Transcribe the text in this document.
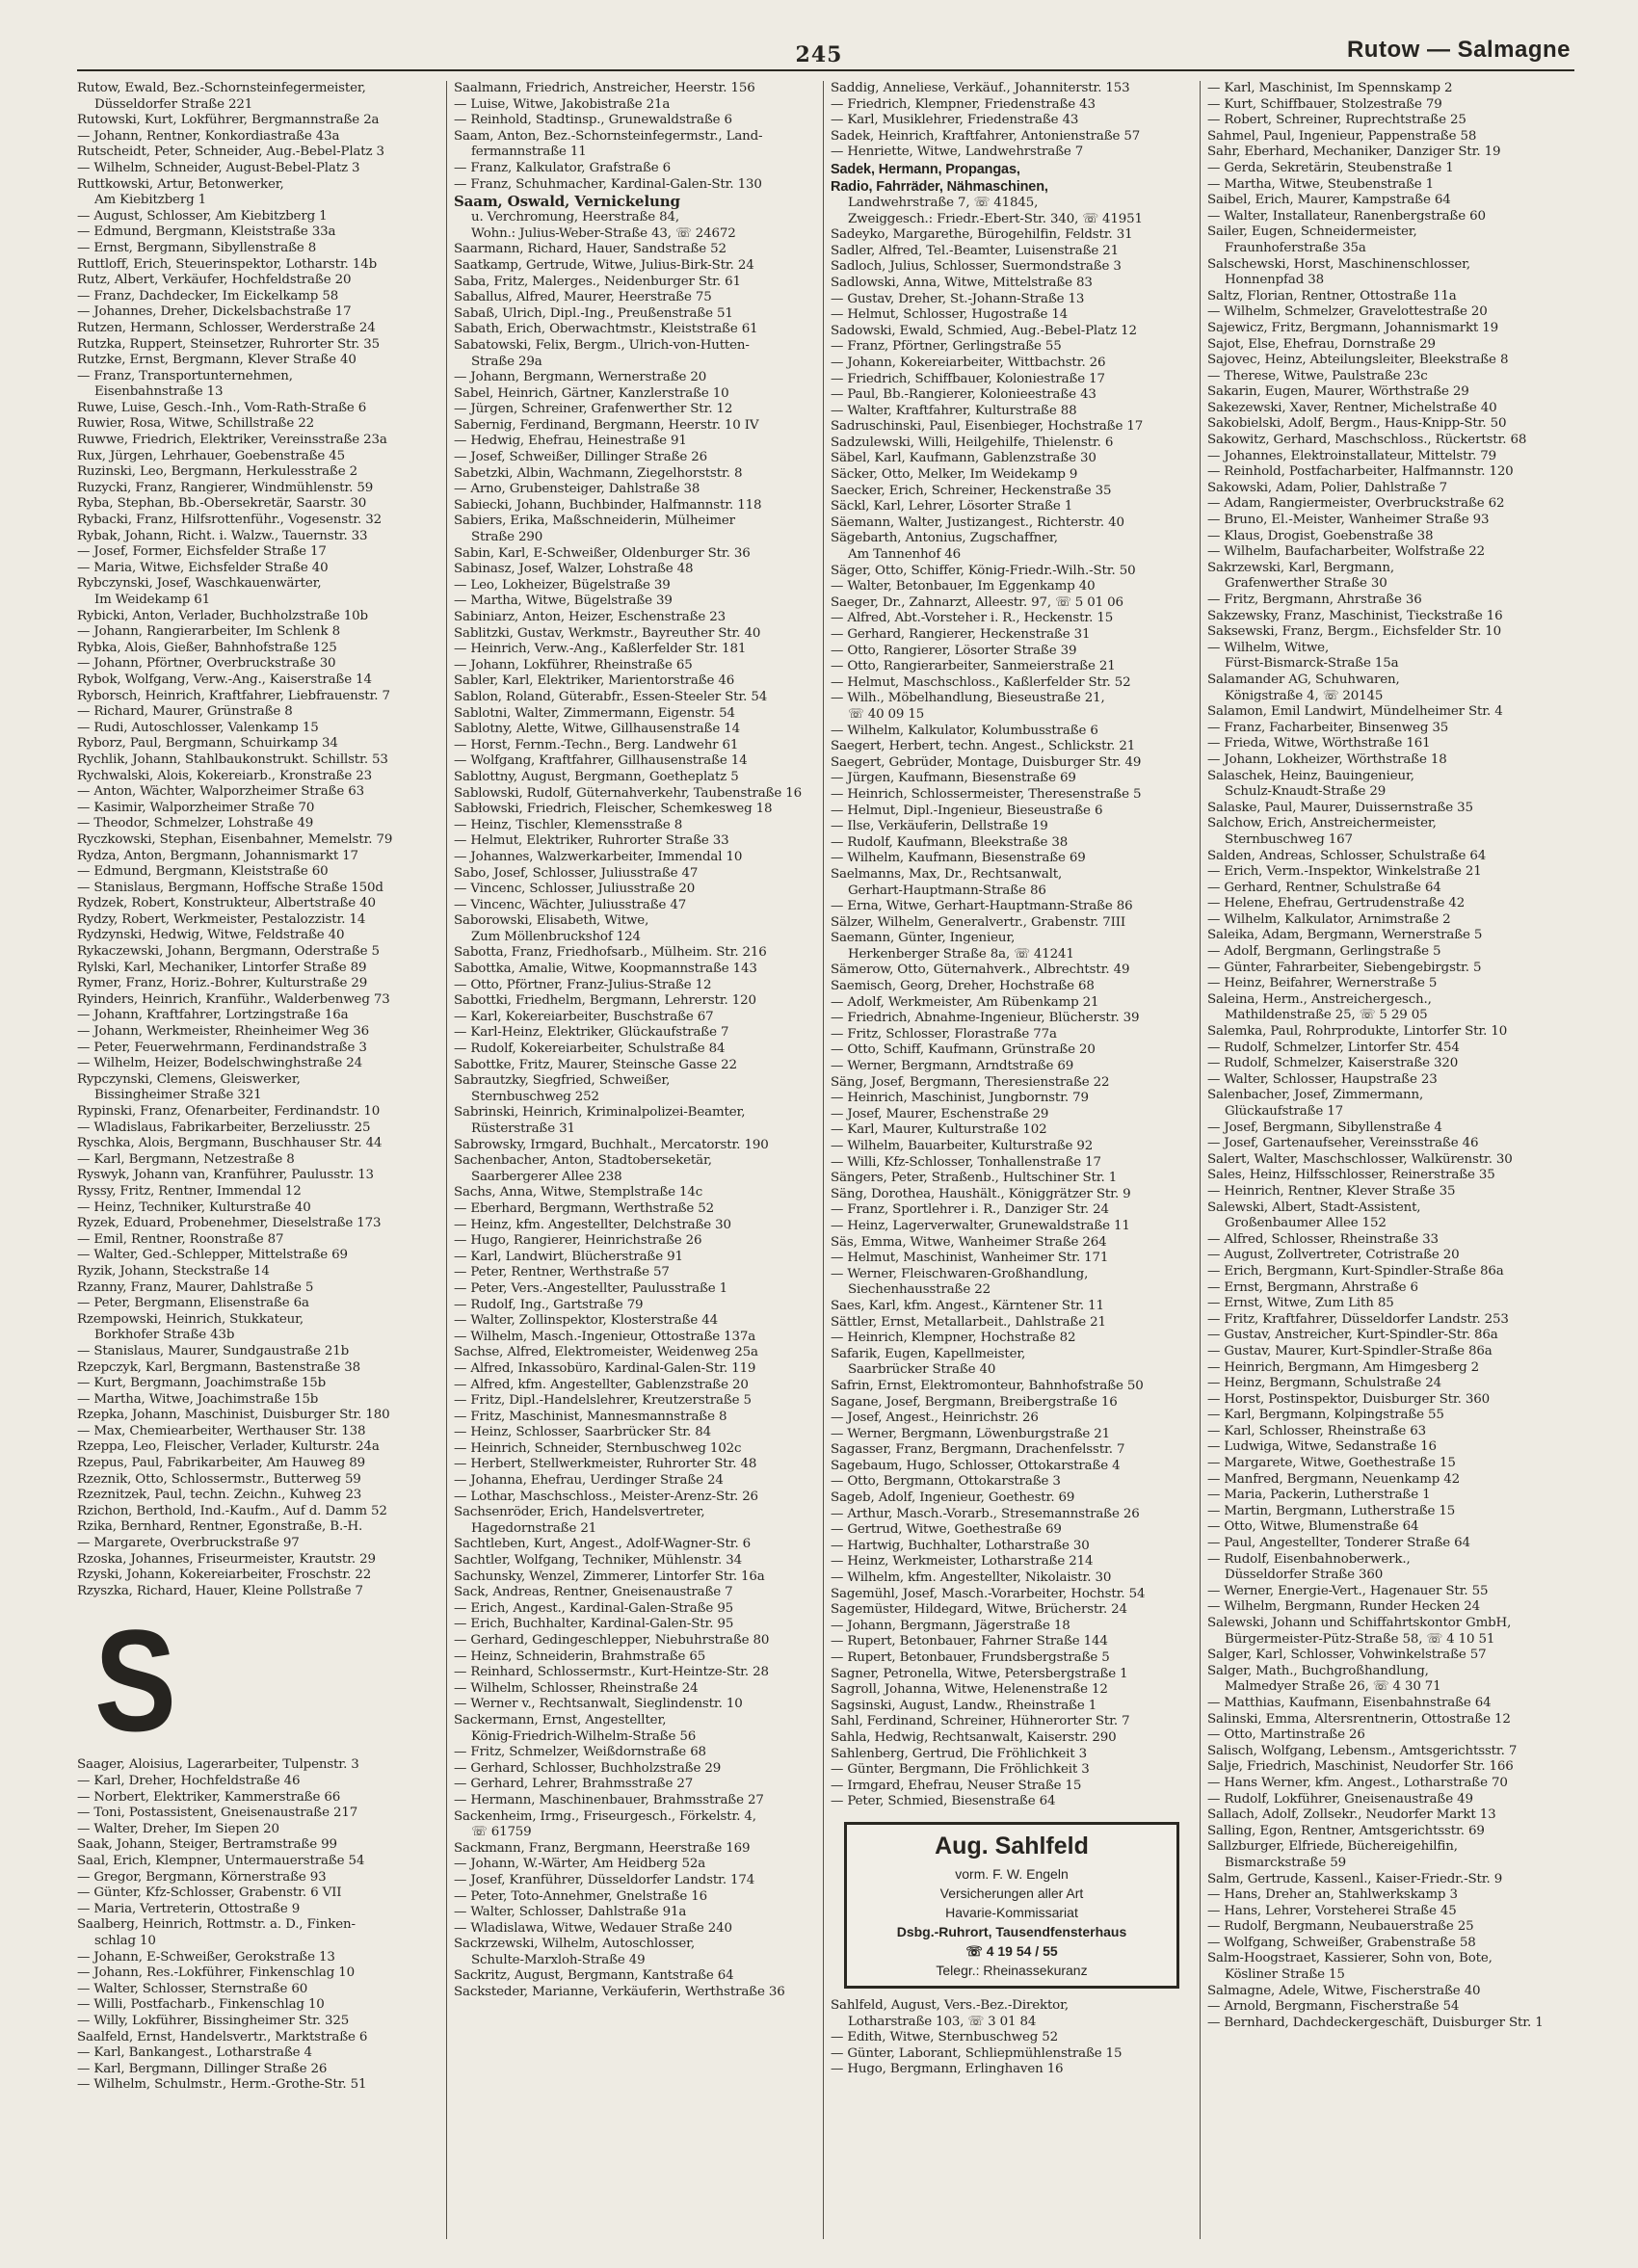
245	Rutow — Salmagne
Rutow, Ewald, Bez.-Schornsteinfegermeister,
Düsseldorfer Straße 221
Rutowski, Kurt, Lokführer, Bergmannstraße 2a
— Johann, Rentner, Konkordiastraße 43a
Rutscheidt, Peter, Schneider, Aug.-Bebel-Platz 3
— Wilhelm, Schneider, August-Bebel-Platz 3
Ruttkowski, Artur, Betonwerker,
Am Kiebitzberg 1
— August, Schlosser, Am Kiebitzberg 1
— Edmund, Bergmann, Kleiststraße 33a
— Ernst, Bergmann, Sibyllenstraße 8
Ruttloff, Erich, Steuerinspektor, Lotharstr. 14b
Rutz, Albert, Verkäufer, Hochfeldstraße 20
— Franz, Dachdecker, Im Eickelkamp 58
— Johannes, Dreher, Dickelsbachstraße 17
Rutzen, Hermann, Schlosser, Werderstraße 24
Rutzka, Ruppert, Steinsetzer, Ruhrorter Str. 35
Rutzke, Ernst, Bergmann, Klever Straße 40
— Franz, Transportunternehmen,
Eisenbahnstraße 13
Ruwe, Luise, Gesch.-Inh., Vom-Rath-Straße 6
Ruwier, Rosa, Witwe, Schillstraße 22
Ruwwe, Friedrich, Elektriker, Vereinsstraße 23a
Rux, Jürgen, Lehrhauer, Goebenstraße 45
Ruzinski, Leo, Bergmann, Herkulesstraße 2
Ruzycki, Franz, Rangierer, Windmühlenstr. 59
Ryba, Stephan, Bb.-Obersekretär, Saarstr. 30
Rybacki, Franz, Hilfsrottenführ., Vogesenstr. 32
Rybak, Johann, Richt. i. Walzw., Tauernstr. 33
— Josef, Former, Eichsfelder Straße 17
— Maria, Witwe, Eichsfelder Straße 40
Rybczynski, Josef, Waschkauenwärter,
Im Weidekamp 61
Rybicki, Anton, Verlader, Buchholzstraße 10b
— Johann, Rangierarbeiter, Im Schlenk 8
Rybka, Alois, Gießer, Bahnhofstraße 125
— Johann, Pförtner, Overbruckstraße 30
Rybok, Wolfgang, Verw.-Ang., Kaiserstraße 14
Ryborsch, Heinrich, Kraftfahrer, Liebfrauenstr. 7
— Richard, Maurer, Grünstraße 8
— Rudi, Autoschlosser, Valenkamp 15
Ryborz, Paul, Bergmann, Schuirkamp 34
Rychlik, Johann, Stahlbaukonstrukt. Schillstr. 53
Rychwalski, Alois, Kokereiarb., Kronstraße 23
— Anton, Wächter, Walporzheimer Straße 63
— Kasimir, Walporzheimer Straße 70
— Theodor, Schmelzer, Lohstraße 49
Ryczkowski, Stephan, Eisenbahner, Memelstr. 79
Rydza, Anton, Bergmann, Johannismarkt 17
— Edmund, Bergmann, Kleiststraße 60
— Stanislaus, Bergmann, Hoffsche Straße 150d
Rydzek, Robert, Konstrukteur, Albertstraße 40
Rydzy, Robert, Werkmeister, Pestalozzistr. 14
Rydzynski, Hedwig, Witwe, Feldstraße 40
Rykaczewski, Johann, Bergmann, Oderstraße 5
Rylski, Karl, Mechaniker, Lintorfer Straße 89
Rymer, Franz, Horiz.-Bohrer, Kulturstraße 29
Ryinders, Heinrich, Kranführ., Walderbenweg 73
— Johann, Kraftfahrer, Lortzingstraße 16a
— Johann, Werkmeister, Rheinheimer Weg 36
— Peter, Feuerwehrmann, Ferdinandstraße 3
— Wilhelm, Heizer, Bodelschwinghstraße 24
Rypczynski, Clemens, Gleiswerker,
Bissingheimer Straße 321
Rypinski, Franz, Ofenarbeiter, Ferdinandstr. 10
— Wladislaus, Fabrikarbeiter, Berzeliusstr. 25
Ryschka, Alois, Bergmann, Buschhauser Str. 44
— Karl, Bergmann, Netzestraße 8
Ryswyk, Johann van, Kranführer, Paulusstr. 13
Ryssy, Fritz, Rentner, Immendal 12
— Heinz, Techniker, Kulturstraße 40
Ryzek, Eduard, Probenehmer, Dieselstraße 173
— Emil, Rentner, Roonstraße 87
— Walter, Ged.-Schlepper, Mittelstraße 69
Ryzik, Johann, Steckstraße 14
Rzanny, Franz, Maurer, Dahlstraße 5
— Peter, Bergmann, Elisenstraße 6a
Rzempowski, Heinrich, Stukkateur,
Borkhofer Straße 43b
— Stanislaus, Maurer, Sundgaustraße 21b
Rzepczyk, Karl, Bergmann, Bastenstraße 38
— Kurt, Bergmann, Joachimstraße 15b
— Martha, Witwe, Joachimstraße 15b
Rzepka, Johann, Maschinist, Duisburger Str. 180
— Max, Chemiearbeiter, Werthauser Str. 138
Rzeppa, Leo, Fleischer, Verlader, Kulturstr. 24a
Rzepus, Paul, Fabrikarbeiter, Am Hauweg 89
Rzeznik, Otto, Schlossermstr., Butterweg 59
Rzeznitzek, Paul, techn. Zeichn., Kuhweg 23
Rzichon, Berthold, Ind.-Kaufm., Auf d. Damm 52
Rzika, Bernhard, Rentner, Egonstraße, B.-H.
— Margarete, Overbruckstraße 97
Rzoska, Johannes, Friseurmeister, Krautstr. 29
Rzyski, Johann, Kokereiarbeiter, Froschstr. 22
Rzyszka, Richard, Hauer, Kleine Pollstraße 7
S
Saager, Aloisius, Lagerarbeiter, Tulpenstr. 3
— Karl, Dreher, Hochfeldstraße 46
— Norbert, Elektriker, Kammerstraße 66
— Toni, Postassistent, Gneisenaustraße 217
— Walter, Dreher, Im Siepen 20
Saak, Johann, Steiger, Bertramstraße 99
Saal, Erich, Klempner, Untermauerstraße 54
— Gregor, Bergmann, Körnerstraße 93
— Günter, Kfz-Schlosser, Grabenstr. 6 VII
— Maria, Vertreterin, Ottostraße 9
Saalberg, Heinrich, Rottmstr. a. D., Finken-
schlag 10
— Johann, E-Schweißer, Gerokstraße 13
— Johann, Res.-Lokführer, Finkenschlag 10
— Walter, Schlosser, Sternstraße 60
— Willi, Postfacharb., Finkenschlag 10
— Willy, Lokführer, Bissingheimer Str. 325
Saalfeld, Ernst, Handelsvertr., Marktstraße 6
— Karl, Bankangest., Lotharstraße 4
— Karl, Bergmann, Dillinger Straße 26
— Wilhelm, Schulmstr., Herm.-Grothe-Str. 51
Saalmann, Friedrich, Anstreicher, Heerstr. 156
— Luise, Witwe, Jakobistraße 21a
— Reinhold, Stadtinsp., Grunewaldstraße 6
Saam, Anton, Bez.-Schornsteinfegermstr., Land-
fermannstraße 11
— Franz, Kalkulator, Grafstraße 6
— Franz, Schuhmacher, Kardinal-Galen-Str. 130
Saam, Oswald, Vernickelung
u. Verchromung, Heerstraße 84,
Wohn.: Julius-Weber-Straße 43, ☏ 24672
Saarmann, Richard, Hauer, Sandstraße 52
Saatkamp, Gertrude, Witwe, Julius-Birk-Str. 24
Saba, Fritz, Malerges., Neidenburger Str. 61
Saballus, Alfred, Maurer, Heerstraße 75
Sabaß, Ulrich, Dipl.-Ing., Preußenstraße 51
Sabath, Erich, Oberwachtmstr., Kleiststraße 61
Sabatowski, Felix, Bergm., Ulrich-von-Hutten-
Straße 29a
— Johann, Bergmann, Wernerstraße 20
Sabel, Heinrich, Gärtner, Kanzlerstraße 10
— Jürgen, Schreiner, Grafenwerther Str. 12
Sabernig, Ferdinand, Bergmann, Heerstr. 10 IV
— Hedwig, Ehefrau, Heinestraße 91
— Josef, Schweißer, Dillinger Straße 26
Sabetzki, Albin, Wachmann, Ziegelhorststr. 8
— Arno, Grubensteiger, Dahlstraße 38
Sabiecki, Johann, Buchbinder, Halfmannstr. 118
Sabiers, Erika, Maßschneiderin, Mülheimer
Straße 290
Sabin, Karl, E-Schweißer, Oldenburger Str. 36
Sabinasz, Josef, Walzer, Lohstraße 48
— Leo, Lokheizer, Bügelstraße 39
— Martha, Witwe, Bügelstraße 39
Sabiniarz, Anton, Heizer, Eschenstraße 23
Sablitzki, Gustav, Werkmstr., Bayreuther Str. 40
— Heinrich, Verw.-Ang., Kaßlerfelder Str. 181
— Johann, Lokführer, Rheinstraße 65
Sabler, Karl, Elektriker, Marientorstraße 46
Sablon, Roland, Güterabfr., Essen-Steeler Str. 54
Sablotni, Walter, Zimmermann, Eigenstr. 54
Sablotny, Alette, Witwe, Gillhausenstraße 14
— Horst, Fernm.-Techn., Berg. Landwehr 61
— Wolfgang, Kraftfahrer, Gillhausenstraße 14
Sablottny, August, Bergmann, Goetheplatz 5
Sablowski, Rudolf, Güternahverkehr, Taubenstraße 16
Sabłowski, Friedrich, Fleischer, Schemkesweg 18
— Heinz, Tischler, Klemensstraße 8
— Helmut, Elektriker, Ruhrorter Straße 33
— Johannes, Walzwerkarbeiter, Immendal 10
Sabo, Josef, Schlosser, Juliusstraße 47
— Vincenc, Schlosser, Juliusstraße 20
— Vincenc, Wächter, Juliusstraße 47
Saborowski, Elisabeth, Witwe,
Zum Möllenbruckshof 124
Sabotta, Franz, Friedhofsarb., Mülheim. Str. 216
Sabottka, Amalie, Witwe, Koopmannstraße 143
— Otto, Pförtner, Franz-Julius-Straße 12
Sabottki, Friedhelm, Bergmann, Lehrerstr. 120
— Karl, Kokereiarbeiter, Buschstraße 67
— Karl-Heinz, Elektriker, Glückaufstraße 7
— Rudolf, Kokereiarbeiter, Schulstraße 84
Sabottke, Fritz, Maurer, Steinsche Gasse 22
Sabrautzky, Siegfried, Schweißer,
Sternbuschweg 252
Sabrinski, Heinrich, Kriminalpolizei-Beamter,
Rüsterstraße 31
Sabrowsky, Irmgard, Buchhalt., Mercatorstr. 190
Sachenbacher, Anton, Stadtoberseketär,
Saarbergerer Allee 238
Sachs, Anna, Witwe, Stemplstraße 14c
— Eberhard, Bergmann, Werthstraße 52
— Heinz, kfm. Angestellter, Delchstraße 30
— Hugo, Rangierer, Heinrichstraße 26
— Karl, Landwirt, Blücherstraße 91
— Peter, Rentner, Werthstraße 57
— Peter, Vers.-Angestellter, Paulusstraße 1
— Rudolf, Ing., Gartstraße 79
— Walter, Zollinspektor, Klosterstraße 44
— Wilhelm, Masch.-Ingenieur, Ottostraße 137a
Sachse, Alfred, Elektromeister, Weidenweg 25a
— Alfred, Inkassobüro, Kardinal-Galen-Str. 119
— Alfred, kfm. Angestellter, Gablenzstraße 20
— Fritz, Dipl.-Handelslehrer, Kreutzerstraße 5
— Fritz, Maschinist, Mannesmannstraße 8
— Heinz, Schlosser, Saarbrücker Str. 84
— Heinrich, Schneider, Sternbuschweg 102c
— Herbert, Stellwerkmeister, Ruhrorter Str. 48
— Johanna, Ehefrau, Uerdinger Straße 24
— Lothar, Maschschloss., Meister-Arenz-Str. 26
Sachsenröder, Erich, Handelsvertreter,
Hagedornstraße 21
Sachtleben, Kurt, Angest., Adolf-Wagner-Str. 6
Sachtler, Wolfgang, Techniker, Mühlenstr. 34
Sachunsky, Wenzel, Zimmerer, Lintorfer Str. 16a
Sack, Andreas, Rentner, Gneisenaustraße 7
— Erich, Angest., Kardinal-Galen-Straße 95
— Erich, Buchhalter, Kardinal-Galen-Str. 95
— Gerhard, Gedingeschlepper, Niebuhrstraße 80
— Heinz, Schneiderin, Brahmstraße 65
— Reinhard, Schlossermstr., Kurt-Heintze-Str. 28
— Wilhelm, Schlosser, Rheinstraße 24
— Werner v., Rechtsanwalt, Sieglindenstr. 10
Sackermann, Ernst, Angestellter,
König-Friedrich-Wilhelm-Straße 56
— Fritz, Schmelzer, Weißdornstraße 68
— Gerhard, Schlosser, Buchholzstraße 29
— Gerhard, Lehrer, Brahmsstraße 27
— Hermann, Maschinenbauer, Brahmsstraße 27
Sackenheim, Irmg., Friseurgesch., Förkelstr. 4,
☏ 61759
Sackmann, Franz, Bergmann, Heerstraße 169
— Johann, W.-Wärter, Am Heidberg 52a
— Josef, Kranführer, Düsseldorfer Landstr. 174
— Peter, Toto-Annehmer, Gnelstraße 16
— Walter, Schlosser, Dahlstraße 91a
— Wladislawa, Witwe, Wedauer Straße 240
Sackrzewski, Wilhelm, Autoschlosser,
Schulte-Marxloh-Straße 49
Sackritz, August, Bergmann, Kantstraße 64
Sacksteder, Marianne, Verkäuferin, Werthstraße 36
Saddig, Anneliese, Verkäuf., Johanniterstr. 153
— Friedrich, Klempner, Friedenstraße 43
— Karl, Musiklehrer, Friedenstraße 43
Sadek, Heinrich, Kraftfahrer, Antonienstraße 57
— Henriette, Witwe, Landwehrstraße 7
Sadek, Hermann, Propangas,
Radio, Fahrräder, Nähmaschinen,
Landwehrstraße 7, ☏ 41845,
Zweiggesch.: Friedr.-Ebert-Str. 340, ☏ 41951
Sadeyko, Margarethe, Bürogehilfin, Feldstr. 31
Sadler, Alfred, Tel.-Beamter, Luisenstraße 21
Sadloch, Julius, Schlosser, Suermondstraße 3
Sadlowski, Anna, Witwe, Mittelstraße 83
— Gustav, Dreher, St.-Johann-Straße 13
— Helmut, Schlosser, Hugostraße 14
Sadowski, Ewald, Schmied, Aug.-Bebel-Platz 12
— Franz, Pförtner, Gerlingstraße 55
— Johann, Kokereiarbeiter, Wittbachstr. 26
— Friedrich, Schiffbauer, Koloniestraße 17
— Paul, Bb.-Rangierer, Kolonieestraße 43
— Walter, Kraftfahrer, Kulturstraße 88
Sadruschinski, Paul, Eisenbieger, Hochstraße 17
Sadzulewski, Willi, Heilgehilfe, Thielenstr. 6
Säbel, Karl, Kaufmann, Gablenzstraße 30
Säcker, Otto, Melker, Im Weidekamp 9
Saecker, Erich, Schreiner, Heckenstraße 35
Säckl, Karl, Lehrer, Lösorter Straße 1
Säemann, Walter, Justizangest., Richterstr. 40
Sägebarth, Antonius, Zugschaffner,
Am Tannenhof 46
Säger, Otto, Schiffer, König-Friedr.-Wilh.-Str. 50
— Walter, Betonbauer, Im Eggenkamp 40
Saeger, Dr., Zahnarzt, Alleestr. 97, ☏ 5 01 06
— Alfred, Abt.-Vorsteher i. R., Heckenstr. 15
— Gerhard, Rangierer, Heckenstraße 31
— Otto, Rangierer, Lösorter Straße 39
— Otto, Rangierarbeiter, Sanmeierstraße 21
— Helmut, Maschschloss., Kaßlerfelder Str. 52
— Wilh., Möbelhandlung, Bieseustraße 21,
☏ 40 09 15
— Wilhelm, Kalkulator, Kolumbusstraße 6
Saegert, Herbert, techn. Angest., Schlickstr. 21
Saegert, Gebrüder, Montage, Duisburger Str. 49
— Jürgen, Kaufmann, Biesenstraße 69
— Heinrich, Schlossermeister, Theresenstraße 5
— Helmut, Dipl.-Ingenieur, Bieseustraße 6
— Ilse, Verkäuferin, Dellstraße 19
— Rudolf, Kaufmann, Bleekstraße 38
— Wilhelm, Kaufmann, Biesenstraße 69
Saelmanns, Max, Dr., Rechtsanwalt,
Gerhart-Hauptmann-Straße 86
— Erna, Witwe, Gerhart-Hauptmann-Straße 86
Sälzer, Wilhelm, Generalvertr., Grabenstr. 7III
Saemann, Günter, Ingenieur,
Herkenberger Straße 8a, ☏ 41241
Sämerow, Otto, Güternahverk., Albrechtstr. 49
Saemisch, Georg, Dreher, Hochstraße 68
— Adolf, Werkmeister, Am Rübenkamp 21
— Friedrich, Abnahme-Ingenieur, Blücherstr. 39
— Fritz, Schlosser, Florastraße 77a
— Otto, Schiff, Kaufmann, Grünstraße 20
— Werner, Bergmann, Arndtstraße 69
Säng, Josef, Bergmann, Theresienstraße 22
— Heinrich, Maschinist, Jungbornstr. 79
— Josef, Maurer, Eschenstraße 29
— Karl, Maurer, Kulturstraße 102
— Wilhelm, Bauarbeiter, Kulturstraße 92
— Willi, Kfz-Schlosser, Tonhallenstraße 17
Sängers, Peter, Straßenb., Hultschiner Str. 1
Säng, Dorothea, Haushält., Königgrätzer Str. 9
— Franz, Sportlehrer i. R., Danziger Str. 24
— Heinz, Lagerverwalter, Grunewaldstraße 11
Säs, Emma, Witwe, Wanheimer Straße 264
— Helmut, Maschinist, Wanheimer Str. 171
— Werner, Fleischwaren-Großhandlung,
Siechenhausstraße 22
Saes, Karl, kfm. Angest., Kärntener Str. 11
Sättler, Ernst, Metallarbeit., Dahlstraße 21
— Heinrich, Klempner, Hochstraße 82
Safarik, Eugen, Kapellmeister,
Saarbrücker Straße 40
Safrin, Ernst, Elektromonteur, Bahnhofstraße 50
Sagane, Josef, Bergmann, Breibergstraße 16
— Josef, Angest., Heinrichstr. 26
— Werner, Bergmann, Löwenburgstraße 21
Sagasser, Franz, Bergmann, Drachenfelsstr. 7
Sagebaum, Hugo, Schlosser, Ottokarstraße 4
— Otto, Bergmann, Ottokarstraße 3
Sageb, Adolf, Ingenieur, Goethestr. 69
— Arthur, Masch.-Vorarb., Stresemannstraße 26
— Gertrud, Witwe, Goethestraße 69
— Hartwig, Buchhalter, Lotharstraße 30
— Heinz, Werkmeister, Lotharstraße 214
— Wilhelm, kfm. Angestellter, Nikolaistr. 30
Sagemühl, Josef, Masch.-Vorarbeiter, Hochstr. 54
Sagemüster, Hildegard, Witwe, Brücherstr. 24
— Johann, Bergmann, Jägerstraße 18
— Rupert, Betonbauer, Fahrner Straße 144
— Rupert, Betonbauer, Frundsbergstraße 5
Sagner, Petronella, Witwe, Petersbergstraße 1
Sagroll, Johanna, Witwe, Helenenstraße 12
Sagsinski, August, Landw., Rheinstraße 1
Sahl, Ferdinand, Schreiner, Hühnerorter Str. 7
Sahla, Hedwig, Rechtsanwalt, Kaiserstr. 290
Sahlenberg, Gertrud, Die Fröhlichkeit 3
— Günter, Bergmann, Die Fröhlichkeit 3
— Irmgard, Ehefrau, Neuser Straße 15
— Peter, Schmied, Biesenstraße 64
Aug. Sahlfeld
vorm. F. W. Engeln
Versicherungen aller Art
Havarie-Kommissariat
Dsbg.-Ruhrort, Tausendfensterhaus
☏ 4 19 54 / 55
Telegr.: Rheinassekuranz
Sahlfeld, August, Vers.-Bez.-Direktor,
Lotharstraße 103, ☏ 3 01 84
— Edith, Witwe, Sternbuschweg 52
— Günter, Laborant, Schliepmühlenstraße 15
— Hugo, Bergmann, Erlinghaven 16
— Karl, Maschinist, Im Spennskamp 2
— Kurt, Schiffbauer, Stolzestraße 79
— Robert, Schreiner, Ruprechtstraße 25
Sahmel, Paul, Ingenieur, Pappenstraße 58
Sahr, Eberhard, Mechaniker, Danziger Str. 19
— Gerda, Sekretärin, Steubenstraße 1
— Martha, Witwe, Steubenstraße 1
Saibel, Erich, Maurer, Kampstraße 64
— Walter, Installateur, Ranenbergstraße 60
Sailer, Eugen, Schneidermeister,
Fraunhoferstraße 35a
Salschewski, Horst, Maschinenschlosser,
Honnenpfad 38
Saltz, Florian, Rentner, Ottostraße 11a
— Wilhelm, Schmelzer, Gravelottestraße 20
Sajewicz, Fritz, Bergmann, Johannismarkt 19
Sajot, Else, Ehefrau, Dornstraße 29
Sajovec, Heinz, Abteilungsleiter, Bleekstraße 8
— Therese, Witwe, Paulstraße 23c
Sakarin, Eugen, Maurer, Wörthstraße 29
Sakezewski, Xaver, Rentner, Michelstraße 40
Sakobielski, Adolf, Bergm., Haus-Knipp-Str. 50
Sakowitz, Gerhard, Maschschloss., Rückertstr. 68
— Johannes, Elektroinstallateur, Mittelstr. 79
— Reinhold, Postfacharbeiter, Halfmannstr. 120
Sakowski, Adam, Polier, Dahlstraße 7
— Adam, Rangiermeister, Overbruckstraße 62
— Bruno, El.-Meister, Wanheimer Straße 93
— Klaus, Drogist, Goebenstraße 38
— Wilhelm, Baufacharbeiter, Wolfstraße 22
Sakrzewski, Karl, Bergmann,
Grafenwerther Straße 30
— Fritz, Bergmann, Ahrstraße 36
Sakzewsky, Franz, Maschinist, Tieckstraße 16
Saksewski, Franz, Bergm., Eichsfelder Str. 10
— Wilhelm, Witwe,
Fürst-Bismarck-Straße 15a
Salamander AG, Schuhwaren,
Königstraße 4, ☏ 20145
Salamon, Emil Landwirt, Mündelheimer Str. 4
— Franz, Facharbeiter, Binsenweg 35
— Frieda, Witwe, Wörthstraße 161
— Johann, Lokheizer, Wörthstraße 18
Salaschek, Heinz, Bauingenieur,
Schulz-Knaudt-Straße 29
Salaske, Paul, Maurer, Duissernstraße 35
Salchow, Erich, Anstreichermeister,
Sternbuschweg 167
Salden, Andreas, Schlosser, Schulstraße 64
— Erich, Verm.-Inspektor, Winkelstraße 21
— Gerhard, Rentner, Schulstraße 64
— Helene, Ehefrau, Gertrudenstraße 42
— Wilhelm, Kalkulator, Arnimstraße 2
Saleika, Adam, Bergmann, Wernerstraße 5
— Adolf, Bergmann, Gerlingstraße 5
— Günter, Fahrarbeiter, Siebengebirgstr. 5
— Heinz, Beifahrer, Wernerstraße 5
Saleina, Herm., Anstreichergesch.,
Mathildenstraße 25, ☏ 5 29 05
Salemka, Paul, Rohrprodukte, Lintorfer Str. 10
— Rudolf, Schmelzer, Lintorfer Str. 454
— Rudolf, Schmelzer, Kaiserstraße 320
— Walter, Schlosser, Haupstraße 23
Salenbacher, Josef, Zimmermann,
Glückaufstraße 17
— Josef, Bergmann, Sibyllenstraße 4
— Josef, Gartenaufseher, Vereinsstraße 46
Salert, Walter, Maschschlosser, Walkürenstr. 30
Sales, Heinz, Hilfsschlosser, Reinerstraße 35
— Heinrich, Rentner, Klever Straße 35
Salewski, Albert, Stadt-Assistent,
Großenbaumer Allee 152
— Alfred, Schlosser, Rheinstraße 33
— August, Zollvertreter, Cotristraße 20
— Erich, Bergmann, Kurt-Spindler-Straße 86a
— Ernst, Bergmann, Ahrstraße 6
— Ernst, Witwe, Zum Lith 85
— Fritz, Kraftfahrer, Düsseldorfer Landstr. 253
— Gustav, Anstreicher, Kurt-Spindler-Str. 86a
— Gustav, Maurer, Kurt-Spindler-Straße 86a
— Heinrich, Bergmann, Am Himgesberg 2
— Heinz, Bergmann, Schulstraße 24
— Horst, Postinspektor, Duisburger Str. 360
— Karl, Bergmann, Kolpingstraße 55
— Karl, Schlosser, Rheinstraße 63
— Ludwiga, Witwe, Sedanstraße 16
— Margarete, Witwe, Goethestraße 15
— Manfred, Bergmann, Neuenkamp 42
— Maria, Packerin, Lutherstraße 1
— Martin, Bergmann, Lutherstraße 15
— Otto, Witwe, Blumenstraße 64
— Paul, Angestellter, Tonderer Straße 64
— Rudolf, Eisenbahnoberwerk.,
Düsseldorfer Straße 360
— Werner, Energie-Vert., Hagenauer Str. 55
— Wilhelm, Bergmann, Runder Hecken 24
Salewski, Johann und Schiffahrtskontor GmbH,
Bürgermeister-Pütz-Straße 58, ☏ 4 10 51
Salger, Karl, Schlosser, Vohwinkelstraße 57
Salger, Math., Buchgroßhandlung,
Malmedyer Straße 26, ☏ 4 30 71
— Matthias, Kaufmann, Eisenbahnstraße 64
Salinski, Emma, Altersrentnerin, Ottostraße 12
— Otto, Martinstraße 26
Salisch, Wolfgang, Lebensm., Amtsgerichtsstr. 7
Salje, Friedrich, Maschinist, Neudorfer Str. 166
— Hans Werner, kfm. Angest., Lotharstraße 70
— Rudolf, Lokführer, Gneisenaustraße 49
Sallach, Adolf, Zollsekr., Neudorfer Markt 13
Salling, Egon, Rentner, Amtsgerichtsstr. 69
Sallzburger, Elfriede, Büchereigehilfin,
Bismarckstraße 59
Salm, Gertrude, Kassenl., Kaiser-Friedr.-Str. 9
— Hans, Dreher an, Stahlwerkskamp 3
— Hans, Lehrer, Vorsteherei Straße 45
— Rudolf, Bergmann, Neubauerstraße 25
— Wolfgang, Schweißer, Grabenstraße 58
Salm-Hoogstraet, Kassierer, Sohn von, Bote,
Kösliner Straße 15
Salmagne, Adele, Witwe, Fischerstraße 40
— Arnold, Bergmann, Fischerstraße 54
— Bernhard, Dachdeckergeschäft, Duisburger Str. 1
